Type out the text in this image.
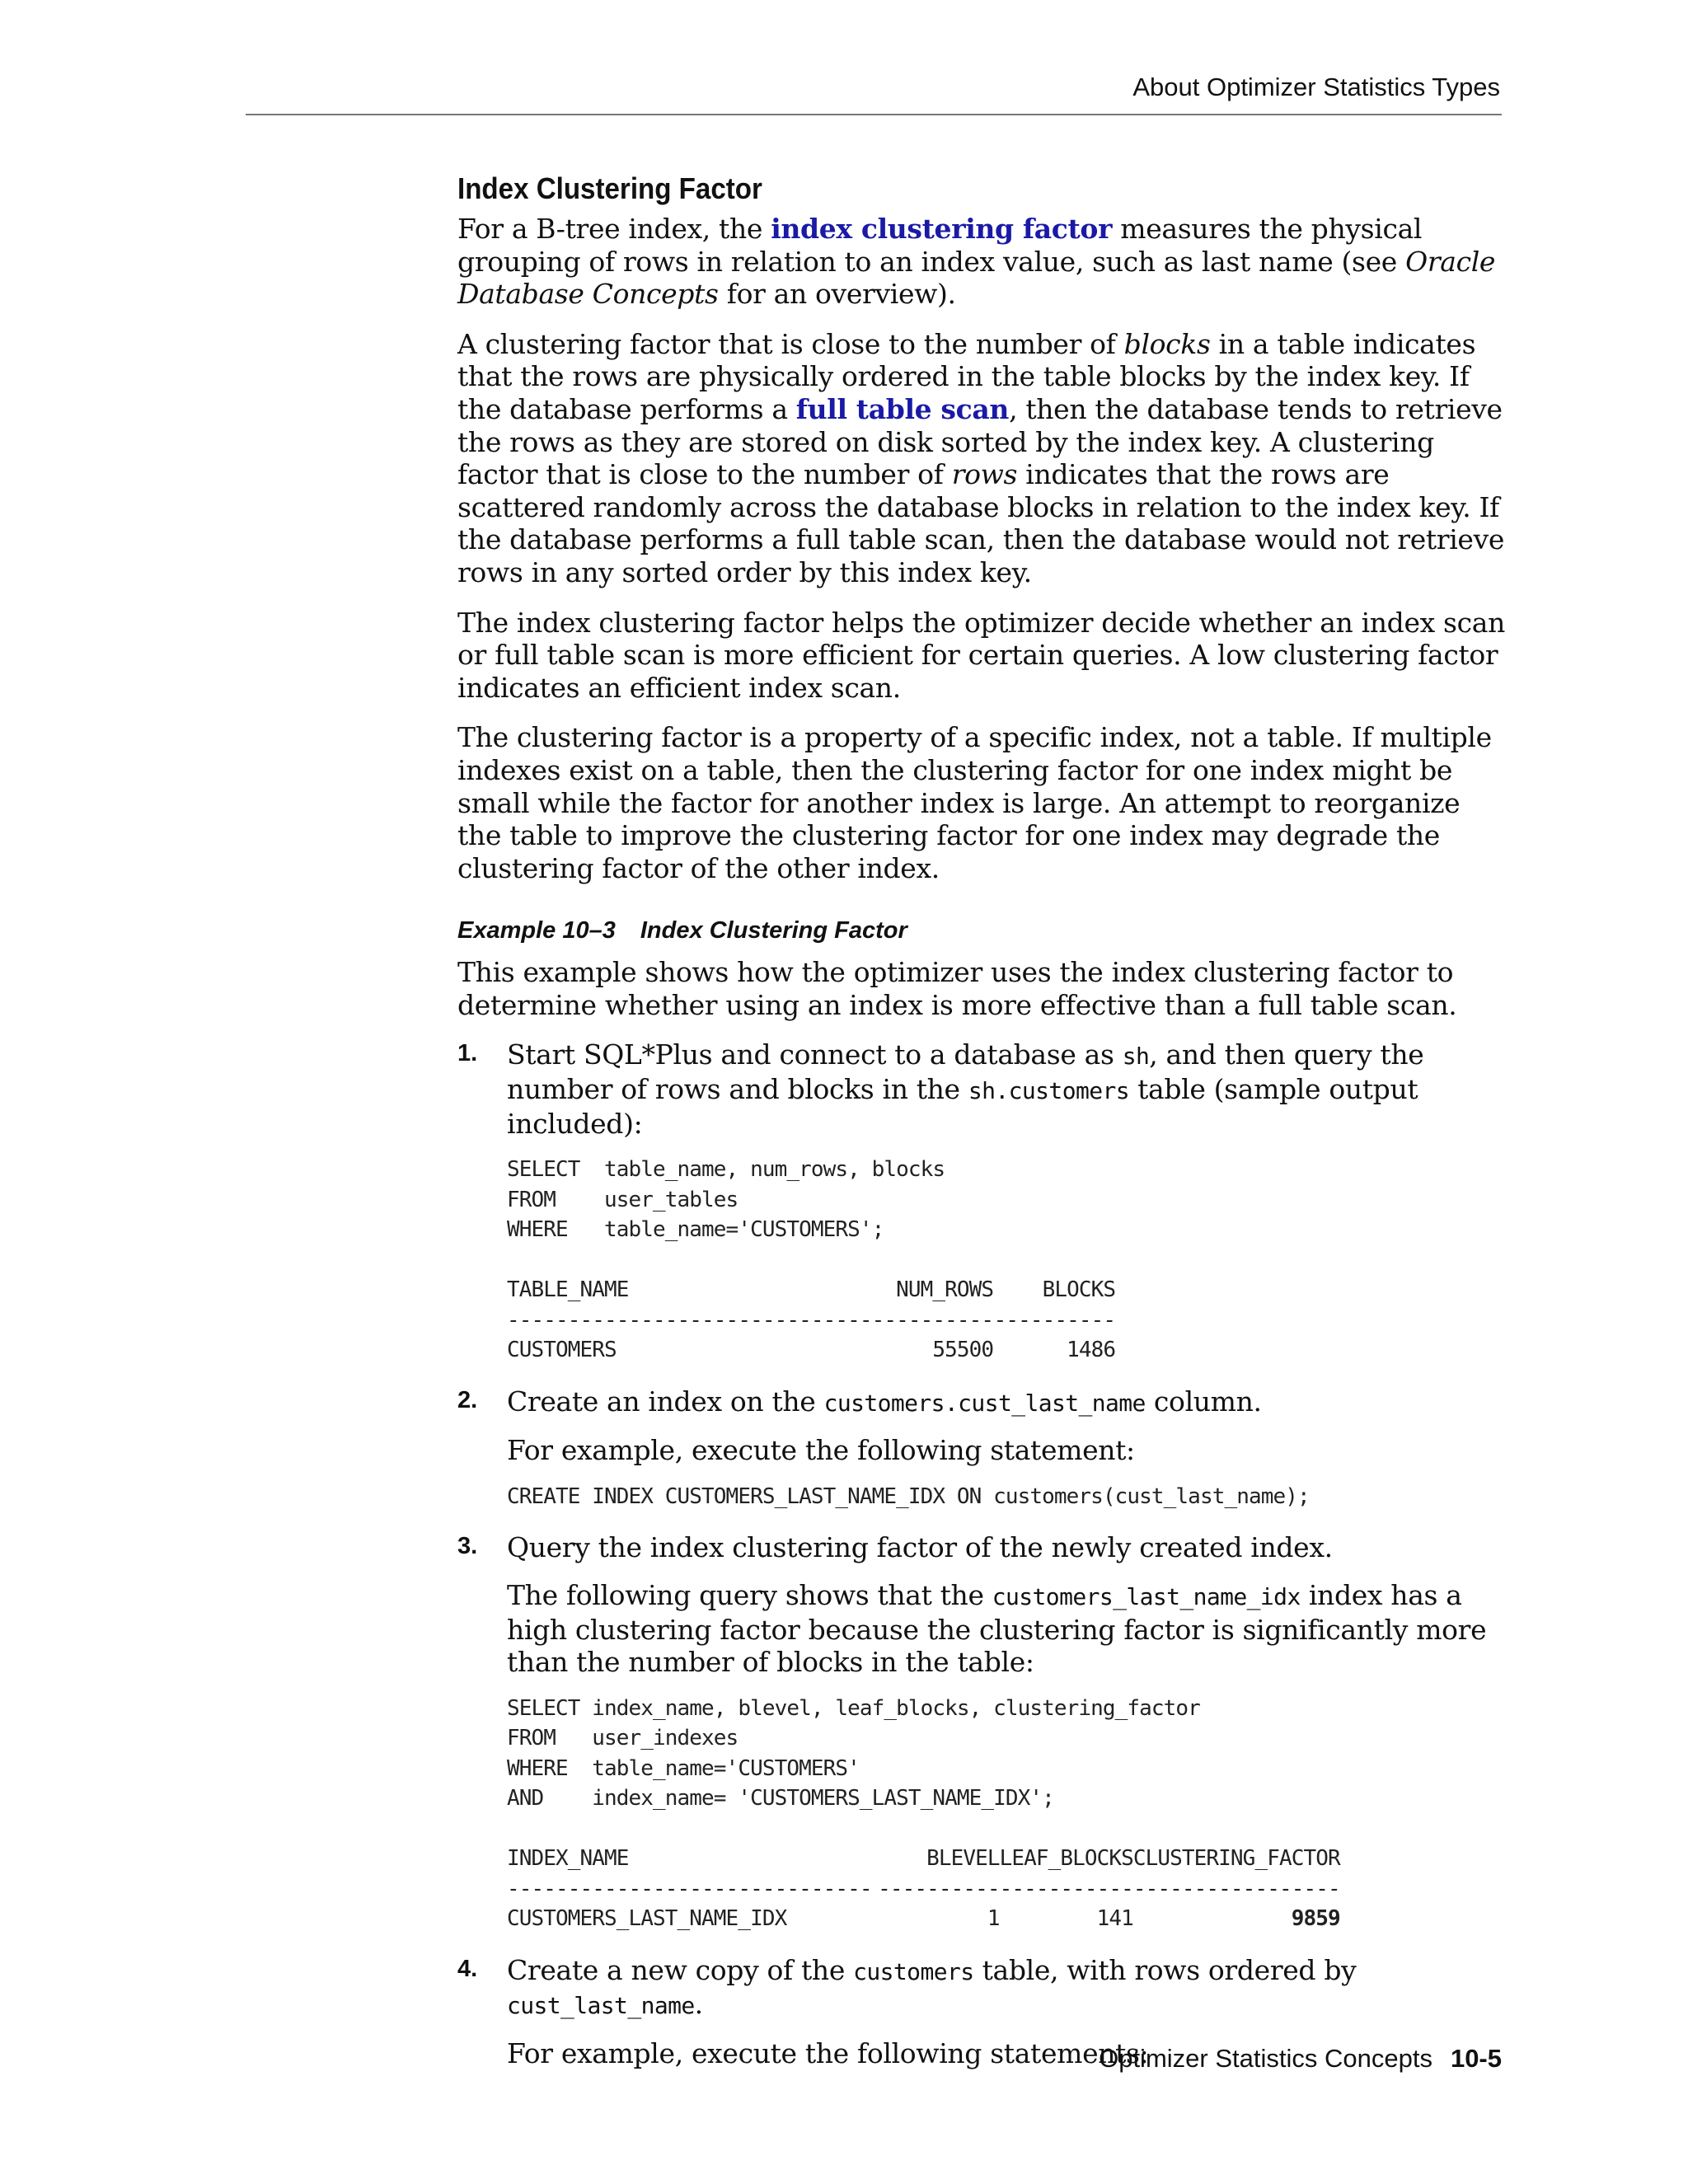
About Optimizer Statistics Types
Index Clustering Factor

For a B-tree index, the index clustering factor measures the physical grouping of rows in relation to an index value, such as last name (see Oracle Database Concepts for an overview).

A clustering factor that is close to the number of blocks in a table indicates that the rows are physically ordered in the table blocks by the index key. If the database performs a full table scan, then the database tends to retrieve the rows as they are stored on disk sorted by the index key. A clustering factor that is close to the number of rows indicates that the rows are scattered randomly across the database blocks in relation to the index key. If the database performs a full table scan, then the database would not retrieve rows in any sorted order by this index key.

The index clustering factor helps the optimizer decide whether an index scan or full table scan is more efficient for certain queries. A low clustering factor indicates an efficient index scan.

The clustering factor is a property of a specific index, not a table. If multiple indexes exist on a table, then the clustering factor for one index might be small while the factor for another index is large. An attempt to reorganize the table to improve the clustering factor for one index may degrade the clustering factor of the other index.

Example 10–3 Index Clustering Factor

This example shows how the optimizer uses the index clustering factor to determine whether using an index is more effective than a full table scan.

1. Start SQL*Plus and connect to a database as sh, and then query the number of rows and blocks in the sh.customers table (sample output included):

SELECT  table_name, num_rows, blocks
FROM    user_tables
WHERE   table_name='CUSTOMERS';
TABLE_NAME	NUM_ROWS	BLOCKS
------------------------------	----------	----------
CUSTOMERS	55500	1486
2. Create an index on the customers.cust_last_name column.

For example, execute the following statement:

CREATE INDEX CUSTOMERS_LAST_NAME_IDX ON customers(cust_last_name);
3. Query the index clustering factor of the newly created index.

The following query shows that the customers_last_name_idx index has a high clustering factor because the clustering factor is significantly more than the number of blocks in the table:

SELECT index_name, blevel, leaf_blocks, clustering_factor
FROM   user_indexes
WHERE  table_name='CUSTOMERS'
AND    index_name= 'CUSTOMERS_LAST_NAME_IDX';
INDEX_NAME	BLEVEL	LEAF_BLOCKS	CLUSTERING_FACTOR
------------------------------	----------	-----------	-----------------
CUSTOMERS_LAST_NAME_IDX	1	141	9859
4. Create a new copy of the customers table, with rows ordered by cust_last_name.

For example, execute the following statements:

Optimizer Statistics Concepts 10-5
